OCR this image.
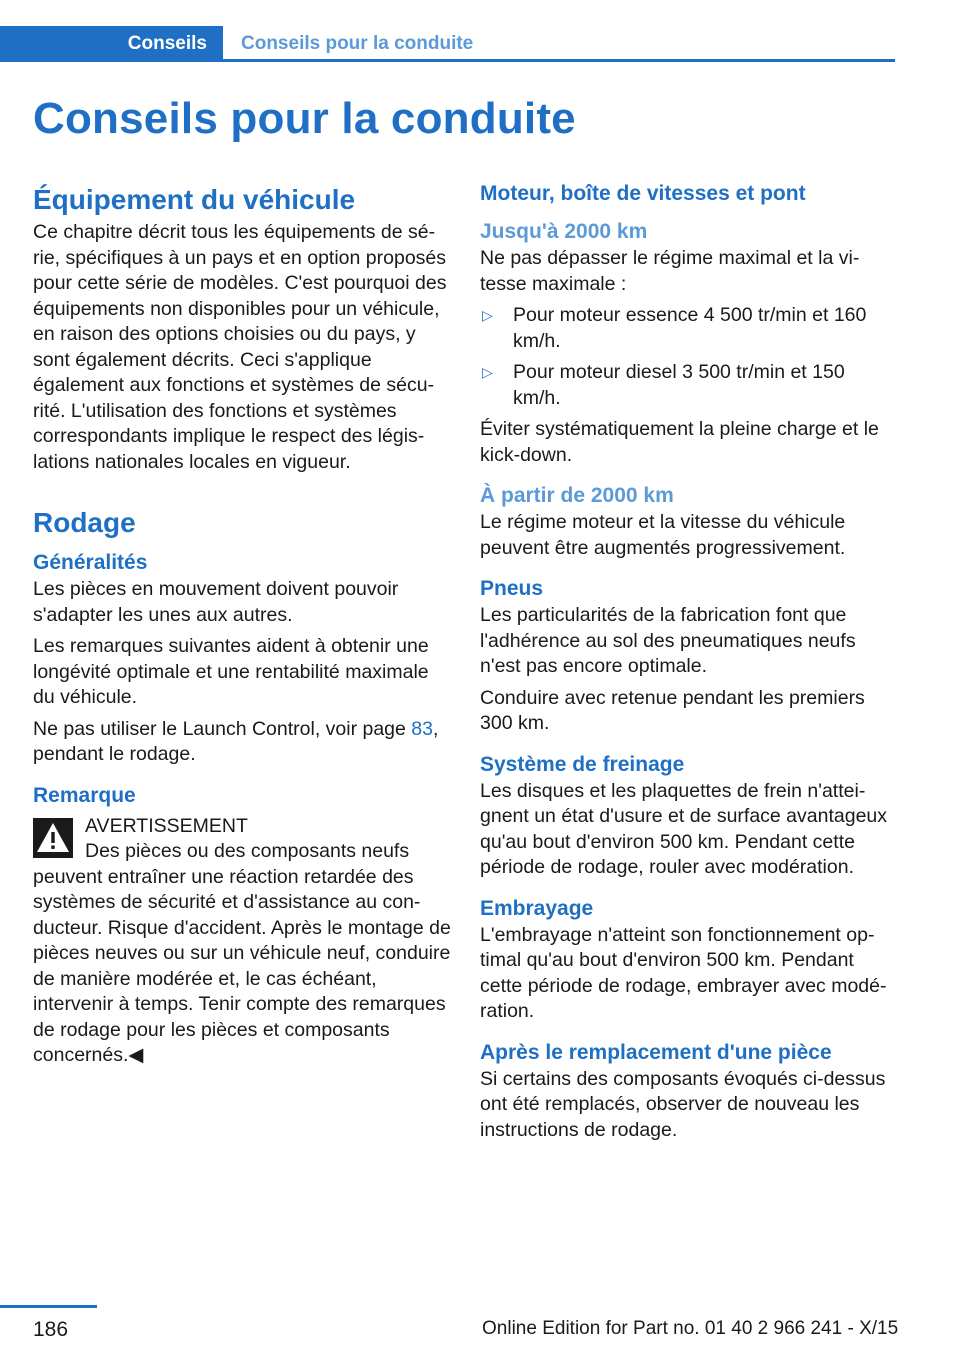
Conseils	Conseils pour la conduite
Conseils pour la conduite
Équipement du véhicule

Ce chapitre décrit tous les équipements de série, spécifiques à un pays et en option proposés pour cette série de modèles. C'est pourquoi des équipements non disponibles pour un véhicule, en raison des options choisies ou du pays, y sont également décrits. Ceci s'applique également aux fonctions et systèmes de sécurité. L'utilisation des fonctions et systèmes correspondants implique le respect des législations nationales locales en vigueur.

Rodage
Généralités

Les pièces en mouvement doivent pouvoir s'adapter les unes aux autres.

Les remarques suivantes aident à obtenir une longévité optimale et une rentabilité maximale du véhicule.

Ne pas utiliser le Launch Control, voir page 83, pendant le rodage.

Remarque
AVERTISSEMENT
Des pièces ou des composants neufs
peuvent entraîner une réaction retardée des systèmes de sécurité et d'assistance au conducteur. Risque d'accident. Après le montage de pièces neuves ou sur un véhicule neuf, conduire de manière modérée et, le cas échéant, intervenir à temps. Tenir compte des remarques de rodage pour les pièces et composants concernés.◀
Moteur, boîte de vitesses et pont
Jusqu'à 2000 km

Ne pas dépasser le régime maximal et la vitesse maximale :

▷ Pour moteur essence 4 500 tr/min et 160 km/h.
▷ Pour moteur diesel 3 500 tr/min et 150 km/h.

Éviter systématiquement la pleine charge et le kick-down.

À partir de 2000 km

Le régime moteur et la vitesse du véhicule peuvent être augmentés progressivement.

Pneus

Les particularités de la fabrication font que l'adhérence au sol des pneumatiques neufs n'est pas encore optimale.

Conduire avec retenue pendant les premiers 300 km.

Système de freinage

Les disques et les plaquettes de frein n'atteignent un état d'usure et de surface avantageux qu'au bout d'environ 500 km. Pendant cette période de rodage, rouler avec modération.

Embrayage

L'embrayage n'atteint son fonctionnement optimal qu'au bout d'environ 500 km. Pendant cette période de rodage, embrayer avec modération.

Après le remplacement d'une pièce

Si certains des composants évoqués ci-dessus ont été remplacés, observer de nouveau les instructions de rodage.

186	Online Edition for Part no. 01 40 2 966 241 - X/15
